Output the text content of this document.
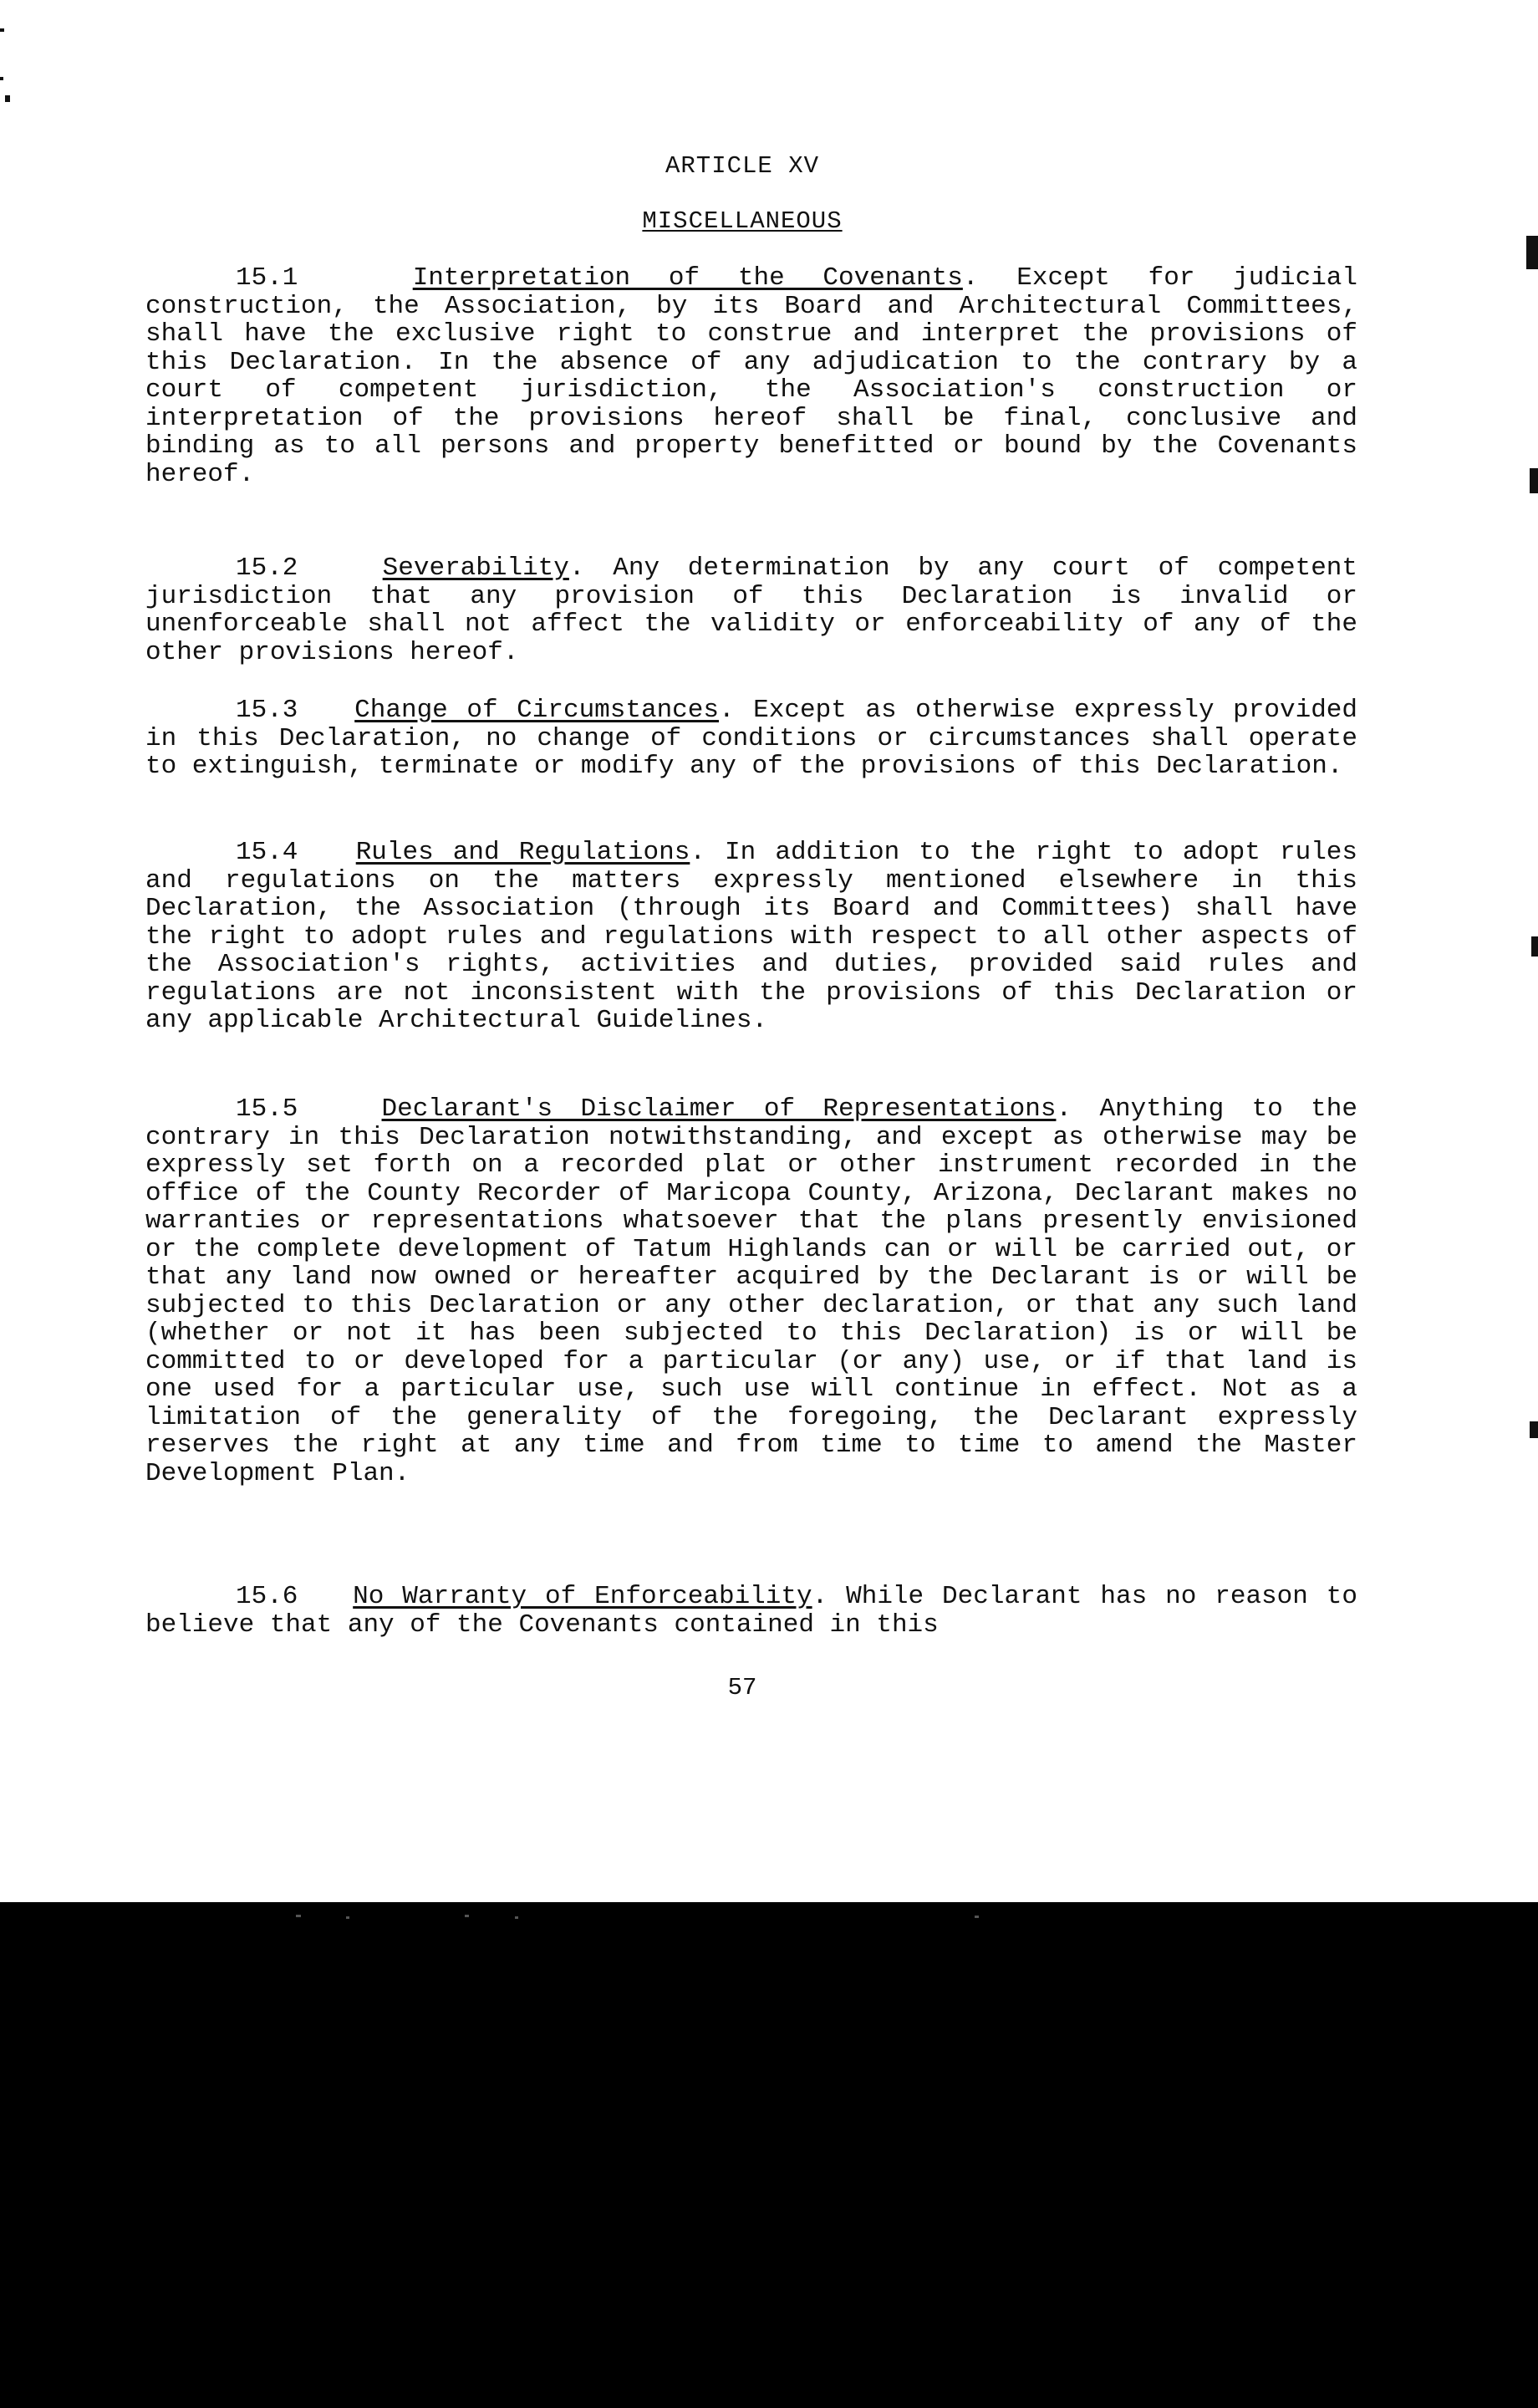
ARTICLE XV
MISCELLANEOUS

15.1	Interpretation of the Covenants. Except for judicial construction, the Association, by its Board and Architectural Committees, shall have the exclusive right to construe and interpret the provisions of this Declaration. In the absence of any adjudication to the contrary by a court of competent jurisdiction, the Association's construction or interpretation of the provisions hereof shall be final, conclusive and binding as to all persons and property benefitted or bound by the Covenants hereof.

15.2	Severability. Any determination by any court of competent jurisdiction that any provision of this Declaration is invalid or unenforceable shall not affect the validity or enforceability of any of the other provisions hereof.

15.3 Change of Circumstances. Except as otherwise expressly provided in this Declaration, no change of conditions or circumstances shall operate to extinguish, terminate or modify any of the provisions of this Declaration.

15.4 Rules and Regulations. In addition to the right to adopt rules and regulations on the matters expressly mentioned elsewhere in this Declaration, the Association (through its Board and Committees) shall have the right to adopt rules and regulations with respect to all other aspects of the Association's rights, activities and duties, provided said rules and regulations are not inconsistent with the provisions of this Declaration or any applicable Architectural Guidelines.

15.5	Declarant's Disclaimer of Representations. Anything to the contrary in this Declaration notwithstanding, and except as otherwise may be expressly set forth on a recorded plat or other instrument recorded in the office of the County Recorder of Maricopa County, Arizona, Declarant makes no warranties or representations whatsoever that the plans presently envisioned or the complete development of Tatum Highlands can or will be carried out, or that any land now owned or hereafter acquired by the Declarant is or will be subjected to this Declaration or any other declaration, or that any such land (whether or not it has been subjected to this Declaration) is or will be committed to or developed for a particular (or any) use, or if that land is one used for a particular use, such use will continue in effect. Not as a limitation of the generality of the foregoing, the Declarant expressly reserves the right at any time and from time to time to amend the Master Development Plan.

15.6 No Warranty of Enforceability. While Declarant has no reason to believe that any of the Covenants contained in this

57
